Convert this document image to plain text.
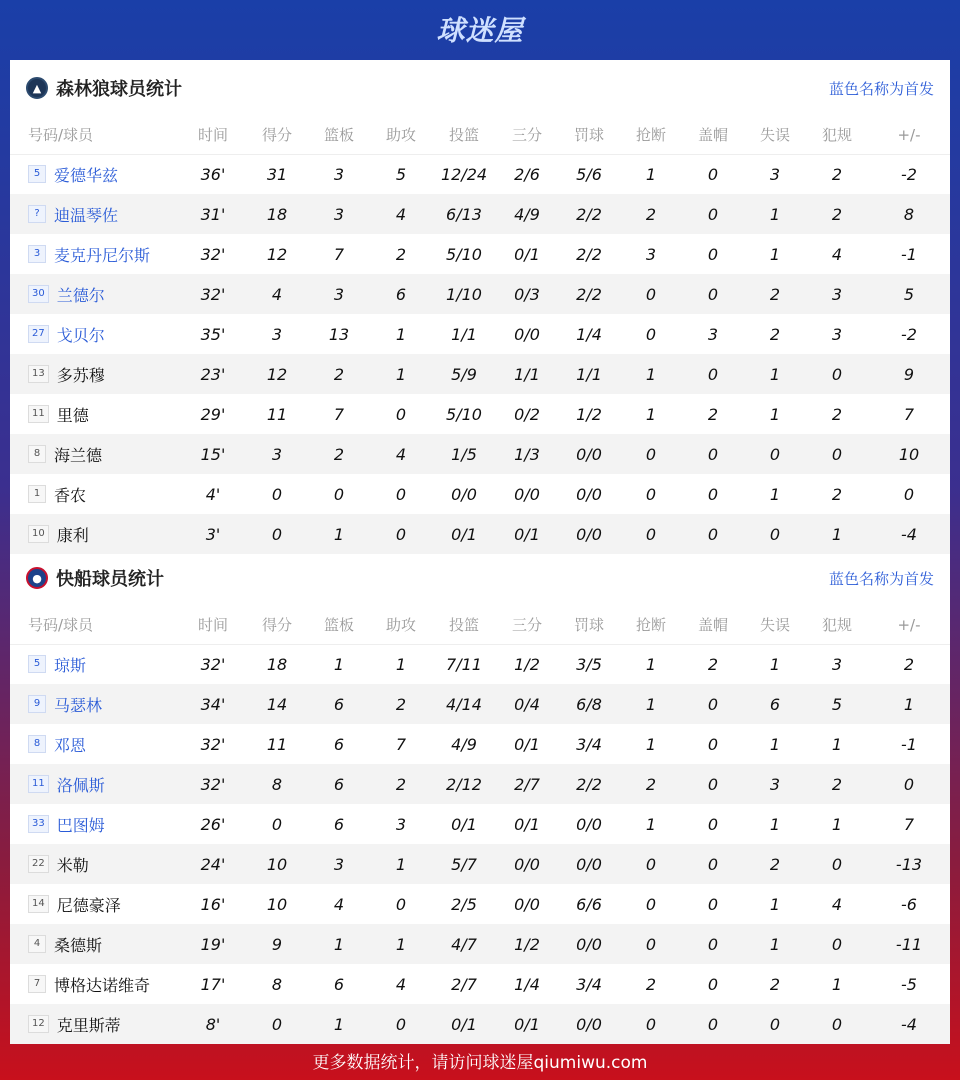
球迷屋
▲ 森林狼球员统计	蓝色名称为首发
号码/球员	时间	得分	篮板	助攻	投篮	三分	罚球	抢断	盖帽	失误	犯规	+/-
5 爱德华兹	36'	31	3	5	12/24	2/6	5/6	1	0	3	2	-2
? 迪温琴佐	31'	18	3	4	6/13	4/9	2/2	2	0	1	2	8
3 麦克丹尼尔斯	32'	12	7	2	5/10	0/1	2/2	3	0	1	4	-1
30 兰德尔	32'	4	3	6	1/10	0/3	2/2	0	0	2	3	5
27 戈贝尔	35'	3	13	1	1/1	0/0	1/4	0	3	2	3	-2
13 多苏穆	23'	12	2	1	5/9	1/1	1/1	1	0	1	0	9
11 里德	29'	11	7	0	5/10	0/2	1/2	1	2	1	2	7
8 海兰德	15'	3	2	4	1/5	1/3	0/0	0	0	0	0	10
1 香农	4'	0	0	0	0/0	0/0	0/0	0	0	1	2	0
10 康利	3'	0	1	0	0/1	0/1	0/0	0	0	0	1	-4
● 快船球员统计	蓝色名称为首发
号码/球员	时间	得分	篮板	助攻	投篮	三分	罚球	抢断	盖帽	失误	犯规	+/-
5 琼斯	32'	18	1	1	7/11	1/2	3/5	1	2	1	3	2
9 马瑟林	34'	14	6	2	4/14	0/4	6/8	1	0	6	5	1
8 邓恩	32'	11	6	7	4/9	0/1	3/4	1	0	1	1	-1
11 洛佩斯	32'	8	6	2	2/12	2/7	2/2	2	0	3	2	0
33 巴图姆	26'	0	6	3	0/1	0/1	0/0	1	0	1	1	7
22 米勒	24'	10	3	1	5/7	0/0	0/0	0	0	2	0	-13
14 尼德豪泽	16'	10	4	0	2/5	0/0	6/6	0	0	1	4	-6
4 桑德斯	19'	9	1	1	4/7	1/2	0/0	0	0	1	0	-11
7 博格达诺维奇	17'	8	6	4	2/7	1/4	3/4	2	0	2	1	-5
12 克里斯蒂	8'	0	1	0	0/1	0/1	0/0	0	0	0	0	-4
更多数据统计，请访问球迷屋qiumiwu.com
